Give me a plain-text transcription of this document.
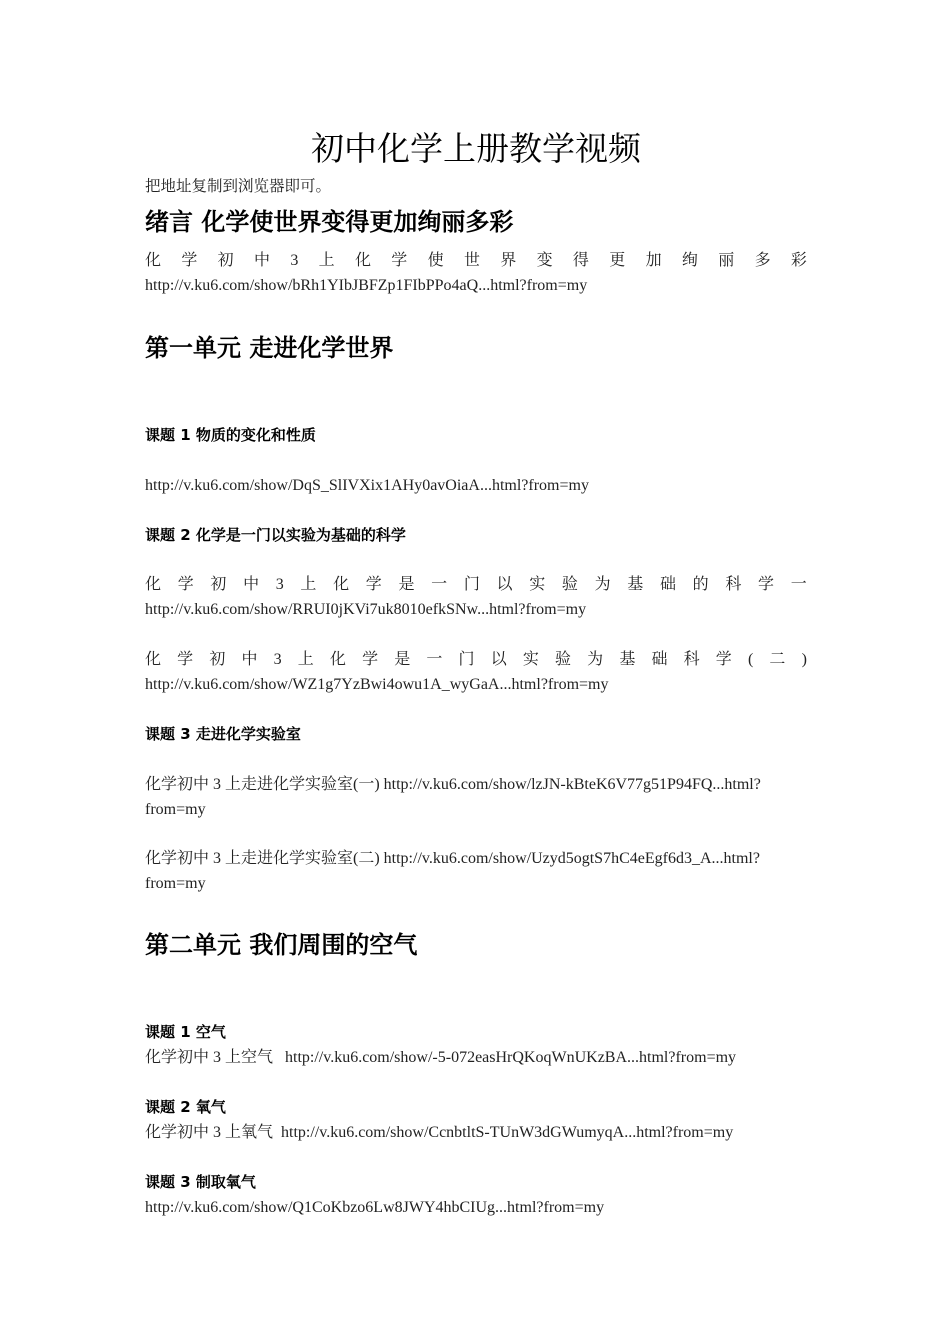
初中化学上册教学视频
把地址复制到浏览器即可。
绪言 化学使世界变得更加绚丽多彩
化 学 初 中 3 上 化 学 使 世 界 变 得 更 加 绚 丽 多 彩
http://v.ku6.com/show/bRh1YIbJBFZp1FIbPPo4aQ...html?from=my
第一单元 走进化学世界
课题 1 物质的变化和性质
http://v.ku6.com/show/DqS_SlIVXix1AHy0avOiaA...html?from=my
课题 2 化学是一门以实验为基础的科学
化 学 初 中 3 上 化 学 是 一 门 以 实 验 为 基 础 的 科 学 一
http://v.ku6.com/show/RRUI0jKVi7uk8010efkSNw...html?from=my
化 学 初 中 3 上 化 学 是 一 门 以 实 验 为 基 础 科 学 ( 二 )
http://v.ku6.com/show/WZ1g7YzBwi4owu1A_wyGaA...html?from=my
课题 3 走进化学实验室
化学初中 3 上走进化学实验室(一) http://v.ku6.com/show/lzJN-kBteK6V77g51P94FQ...html?
from=my
化学初中 3 上走进化学实验室(二) http://v.ku6.com/show/Uzyd5ogtS7hC4eEgf6d3_A...html?
from=my
第二单元 我们周围的空气
课题 1 空气
化学初中 3 上空气   http://v.ku6.com/show/-5-072easHrQKoqWnUKzBA...html?from=my
课题 2 氧气
化学初中 3 上氧气  http://v.ku6.com/show/CcnbtltS-TUnW3dGWumyqA...html?from=my
课题 3 制取氧气
http://v.ku6.com/show/Q1CoKbzo6Lw8JWY4hbCIUg...html?from=my
